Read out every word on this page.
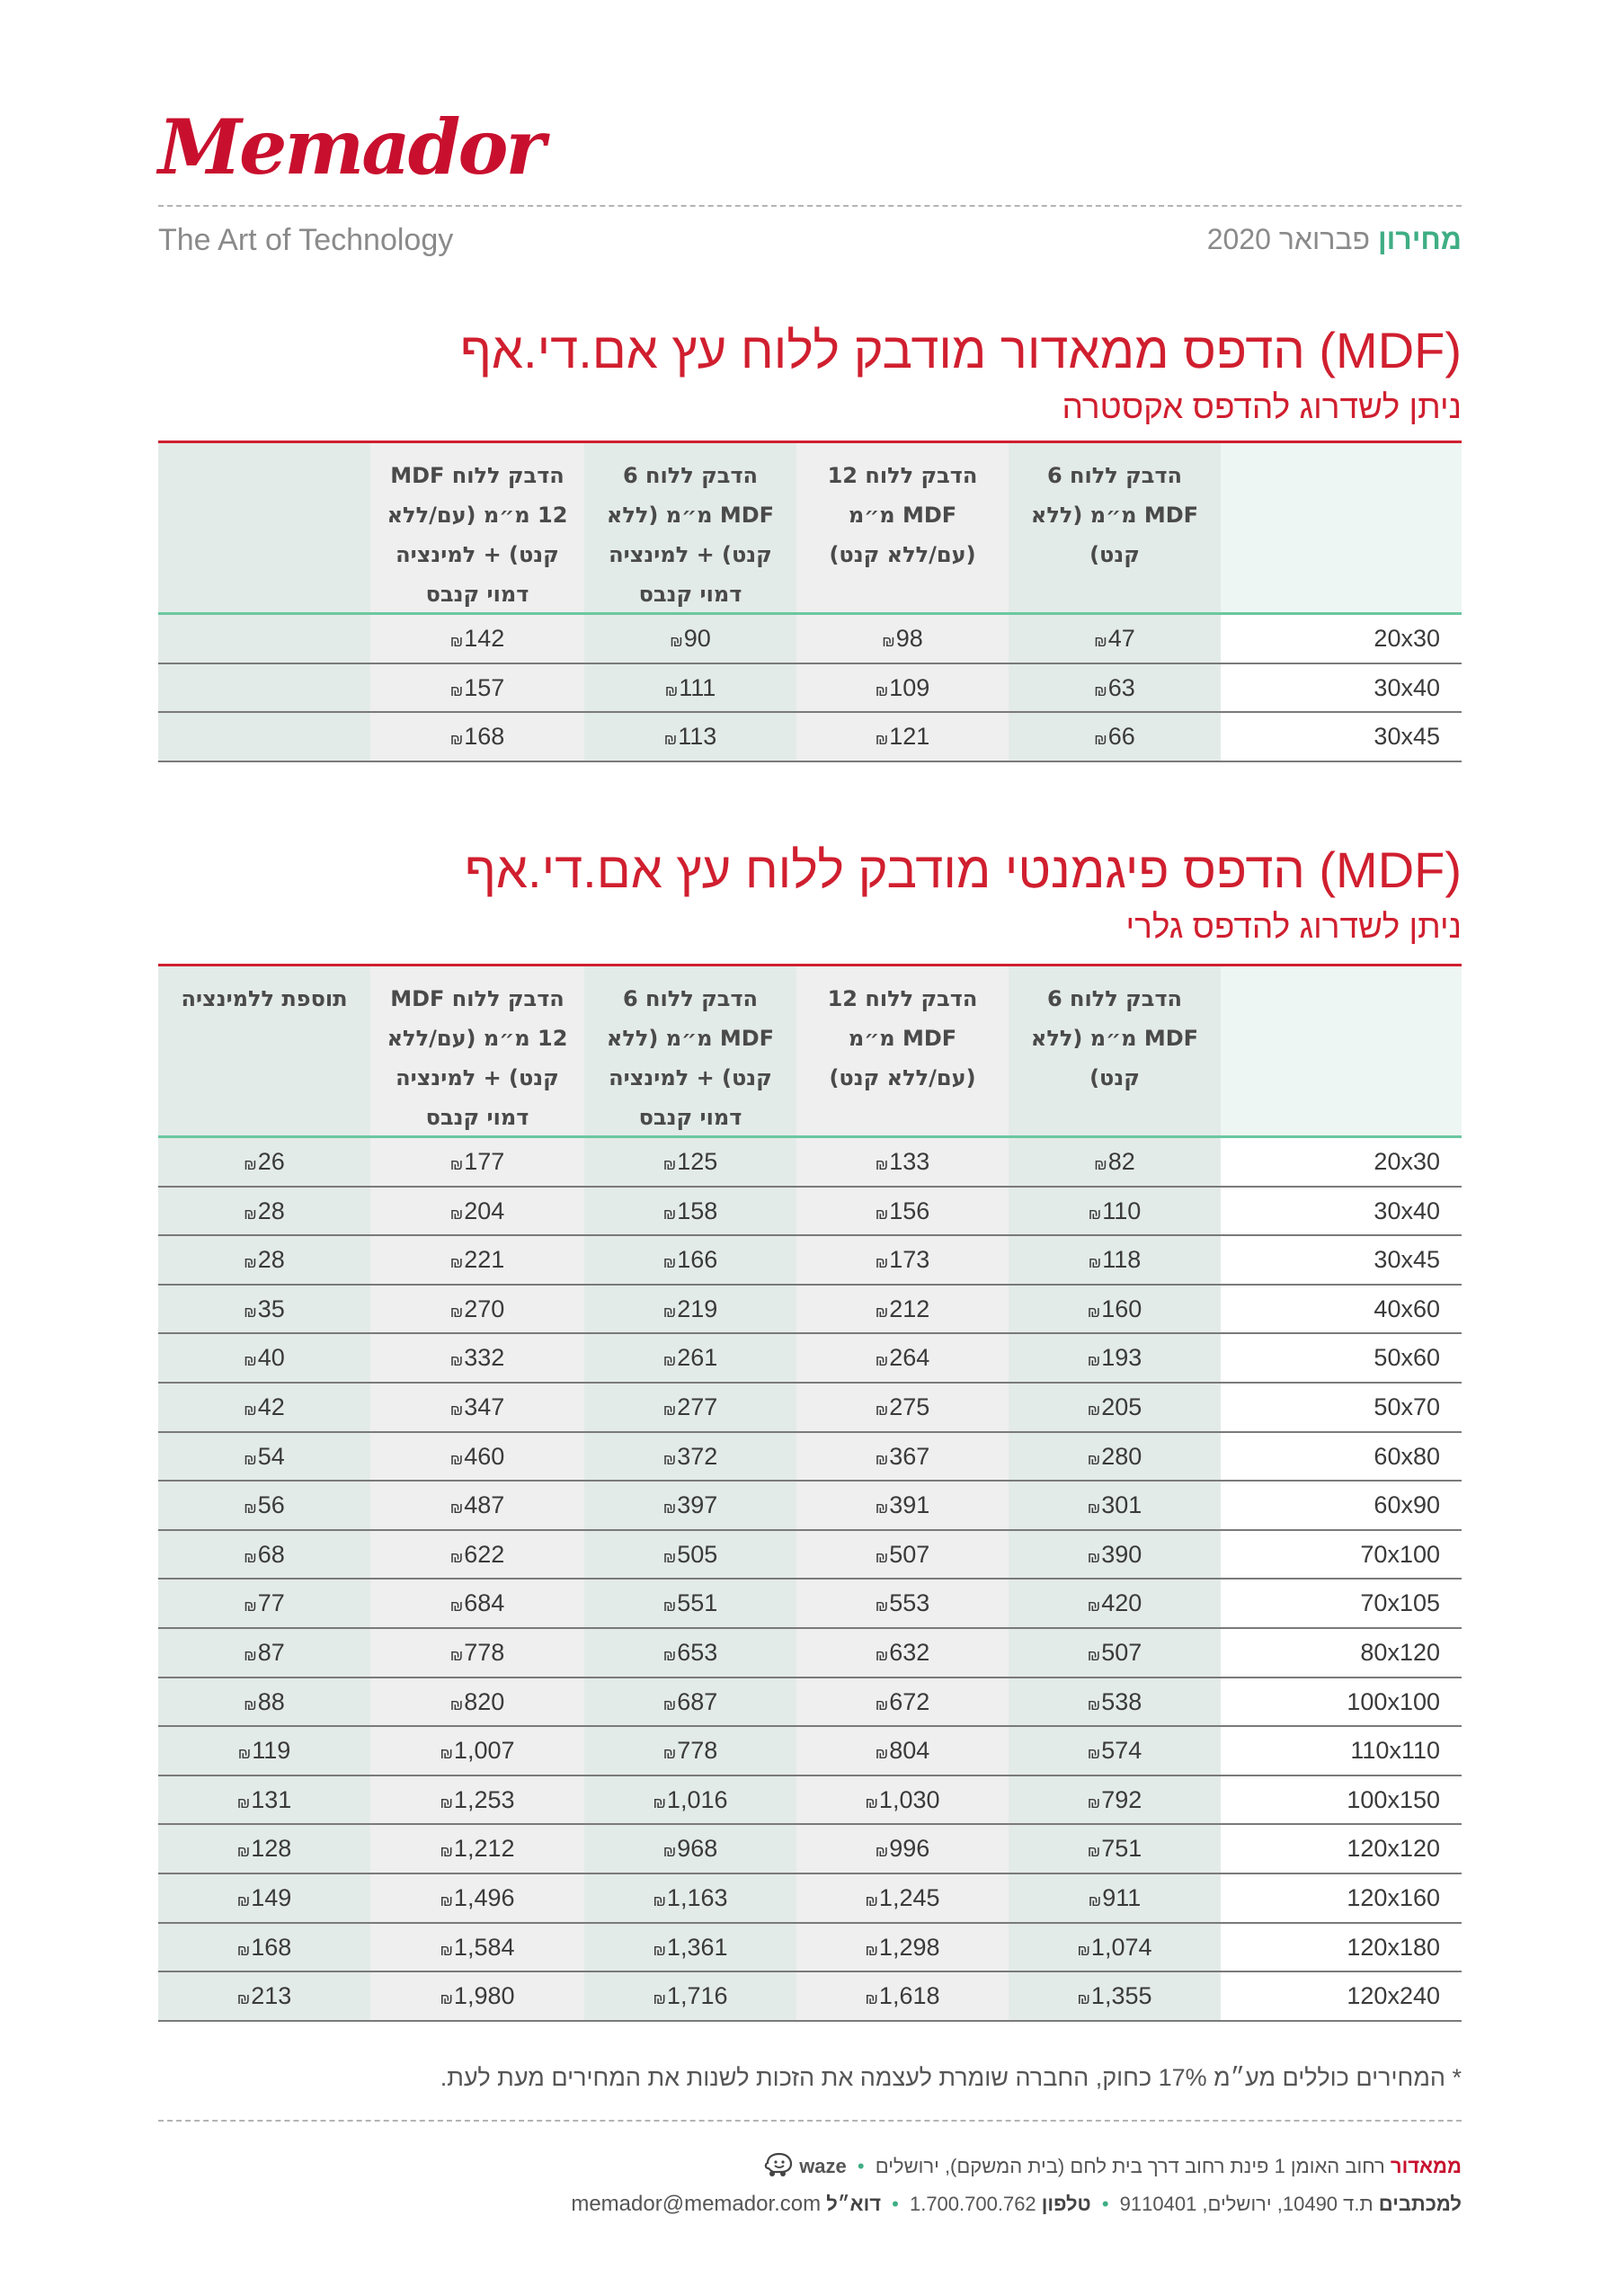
Memador
The Art of Technology	מחירון פברואר 2020
הדפס ממאדור מודבק ללוח עץ אם.די.אף (MDF)
ניתן לשדרוג להדפס אקסטרה
הדבק ללוח 6 MDF מ״מ (ללא קנט)
הדבק ללוח 12 MDF מ״מ (עם/ללא קנט)
הדבק ללוח 6 MDF מ״מ (ללא קנט) + למינציה דמוי קנבס
הדבק ללוח MDF 12 מ״מ (עם/ללא קנט) + למינציה דמוי קנבס
20x30
₪47
₪98
₪90
₪142
30x40
₪63
₪109
₪111
₪157
30x45
₪66
₪121
₪113
₪168
הדפס פיגמנטי מודבק ללוח עץ אם.די.אף (MDF)
ניתן לשדרוג להדפס גלרי
הדבק ללוח 6 MDF מ״מ (ללא קנט)
הדבק ללוח 12 MDF מ״מ (עם/ללא קנט)
הדבק ללוח 6 MDF מ״מ (ללא קנט) + למינציה דמוי קנבס
הדבק ללוח MDF 12 מ״מ (עם/ללא קנט) + למינציה דמוי קנבס
תוספת ללמינציה
20x30
₪82
₪133
₪125
₪177
₪26
30x40
₪110
₪156
₪158
₪204
₪28
30x45
₪118
₪173
₪166
₪221
₪28
40x60
₪160
₪212
₪219
₪270
₪35
50x60
₪193
₪264
₪261
₪332
₪40
50x70
₪205
₪275
₪277
₪347
₪42
60x80
₪280
₪367
₪372
₪460
₪54
60x90
₪301
₪391
₪397
₪487
₪56
70x100
₪390
₪507
₪505
₪622
₪68
70x105
₪420
₪553
₪551
₪684
₪77
80x120
₪507
₪632
₪653
₪778
₪87
100x100
₪538
₪672
₪687
₪820
₪88
110x110
₪574
₪804
₪778
₪1,007
₪119
100x150
₪792
₪1,030
₪1,016
₪1,253
₪131
120x120
₪751
₪996
₪968
₪1,212
₪128
120x160
₪911
₪1,245
₪1,163
₪1,496
₪149
120x180
₪1,074
₪1,298
₪1,361
₪1,584
₪168
120x240
₪1,355
₪1,618
₪1,716
₪1,980
₪213
* המחירים כוללים מע״מ 17% כחוק, החברה שומרת לעצמה את הזכות לשנות את המחירים מעת לעת.
ממאדור רחוב האומן 1 פינת רחוב דרך בית לחם (בית המשקם), ירושלים • waze
למכתבים ת.ד 10490, ירושלים, 9110401 • טלפון 1.700.700.762 • דוא״ל memador@memador.com
